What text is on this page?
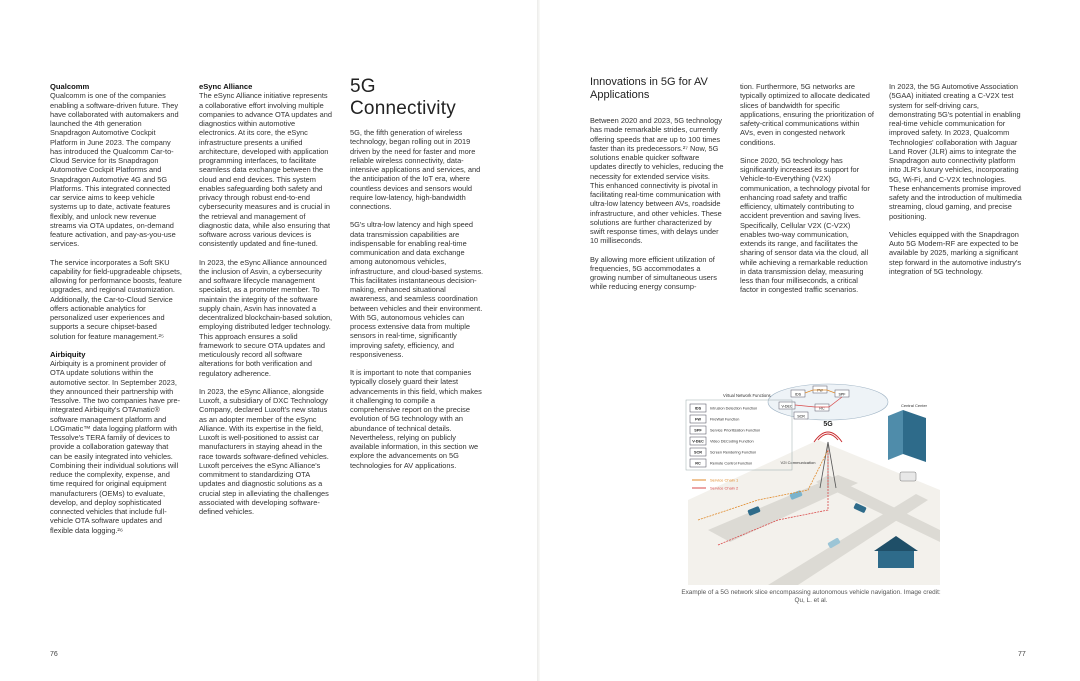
Qualcomm

Qualcomm is one of the companies enabling a software-driven future. They have collaborated with automakers and launched the 4th generation Snapdragon Automotive Cockpit Platform in June 2023. The company has introduced the Qualcomm Car-to-Cloud Service for its Snapdragon Automotive Cockpit Platforms and Snapdragon Automotive 4G and 5G Platforms. This integrated connected car service aims to keep vehicle systems up to date, activate features flexibly, and unlock new revenue streams via OTA updates, on-demand feature activation, and pay-as-you-use services.

The service incorporates a Soft SKU capability for field-upgradeable chipsets, allowing for performance boosts, feature upgrades, and regional customization. Additionally, the Car-to-Cloud Service offers actionable analytics for personalized user experiences and supports a secure chipset-based solution for feature management.²⁵

Airbiquity

Airbiquity is a prominent provider of OTA update solutions within the automotive sector. In September 2023, they announced their partnership with Tessolve. The two companies have pre-integrated Airbiquity's OTAmatic® software management platform and LOGmatic™ data logging platform with Tessolve's TERA family of devices to provide a collaboration gateway that can be easily integrated into vehicles. Combining their individual solutions will reduce the complexity, expense, and time required for original equipment manufacturers (OEMs) to evaluate, develop, and deploy sophisticated connected vehicles that include full-vehicle OTA software updates and flexible data logging.²⁶

eSync Alliance

The eSync Alliance initiative represents a collaborative effort involving multiple companies to advance OTA updates and diagnostics within automotive electronics. At its core, the eSync infrastructure presents a unified architecture, developed with application programming interfaces, to facilitate seamless data exchange between the cloud and end devices. This system enables safeguarding both safety and privacy through robust end-to-end cybersecurity measures and is crucial in the retrieval and management of diagnostic data, while also ensuring that software across various devices is consistently updated and fine-tuned.

In 2023, the eSync Alliance announced the inclusion of Asvin, a cybersecurity and software lifecycle management specialist, as a promoter member. To maintain the integrity of the software supply chain, Asvin has innovated a decentralized blockchain-based solution, employing distributed ledger technology. This approach ensures a solid framework to secure OTA updates and meticulously record all software alterations for both verification and regulatory adherence.

In 2023, the eSync Alliance, alongside Luxoft, a subsidiary of DXC Technology Company, declared Luxoft's new status as an adopter member of the eSync Alliance. With its expertise in the field, Luxoft is well-positioned to assist car manufacturers in staying ahead in the race towards software-defined vehicles. Luxoft perceives the eSync Alliance's commitment to standardizing OTA updates and diagnostic solutions as a crucial step in alleviating the challenges associated with developing software-defined vehicles.

5G Connectivity

5G, the fifth generation of wireless technology, began rolling out in 2019 driven by the need for faster and more reliable wireless connectivity, data-intensive applications and services, and the anticipation of the IoT era, where countless devices and sensors would require low-latency, high-bandwidth connections.

5G's ultra-low latency and high speed data transmission capabilities are indispensable for enabling real-time communication and data exchange among autonomous vehicles, infrastructure, and cloud-based systems. This facilitates instantaneous decision-making, enhanced situational awareness, and seamless coordination between vehicles and their environment. With 5G, autonomous vehicles can process extensive data from multiple sensors in real-time, significantly improving safety, efficiency, and responsiveness.

It is important to note that companies typically closely guard their latest advancements in this field, which makes it challenging to compile a comprehensive report on the precise evolution of 5G technology with an abundance of technical details. Nevertheless, relying on publicly available information, in this section we explore the advancements on 5G technologies for AV applications.

76
Innovations in 5G for AV Applications

Between 2020 and 2023, 5G technology has made remarkable strides, currently offering speeds that are up to 100 times faster than its predecessors.²⁷ Now, 5G solutions enable quicker software updates directly to vehicles, reducing the necessity for extended service visits. This enhanced connectivity is pivotal in facilitating real-time communication with ultra-low latency between AVs, roadside infrastructure, and other vehicles. These solutions are further characterized by swift response times, with delays under 10 milliseconds.

By allowing more efficient utilization of frequencies, 5G accommodates a growing number of simultaneous users while reducing energy consump-

tion. Furthermore, 5G networks are typically optimized to allocate dedicated slices of bandwidth for specific applications, ensuring the prioritization of safety-critical communications within AVs, even in congested network conditions.

Since 2020, 5G technology has significantly increased its support for Vehicle-to-Everything (V2X) communication, a technology pivotal for enhancing road safety and traffic efficiency, ultimately contributing to accident prevention and saving lives. Specifically, Cellular V2X (C-V2X) enables two-way communication, extends its range, and facilitates the sharing of sensor data via the cloud, all while achieving a remarkable reduction in data transmission delay, measuring less than four milliseconds, a critical factor in congested traffic scenarios.

In 2023, the 5G Automotive Association (5GAA) initiated creating a C-V2X test system for self-driving cars, demonstrating 5G's potential in enabling real-time vehicle communication for improved safety. In 2023, Qualcomm Technologies' collaboration with Jaguar Land Rover (JLR) aims to integrate the Snapdragon auto connectivity platform into JLR's luxury vehicles, incorporating 5G, Wi-Fi, and C-V2X technologies. These enhancements promise improved safety and the introduction of multimedia streaming, cloud gaming, and precise positioning.

Vehicles equipped with the Snapdragon Auto 5G Modem-RF are expected to be available by 2025, marking a significant step forward in the automotive industry's integration of 5G technology.

77
IDS
FW
SPF
V-DEC	RC
SCR
Central Center
5G
V2I Communication
Virtual Network Functions
IDS Intrusion Detection Function
FW FireWall Function
SPF Service Prioritization Function
V-DEC Video DECoding Function
SCR Screen Rendering Function
RC Remote Control Function
Service Chain 1
Service Chain 2
Example of a 5G network slice encompassing autonomous vehicle navigation. Image credit: Qu, L. et al.
